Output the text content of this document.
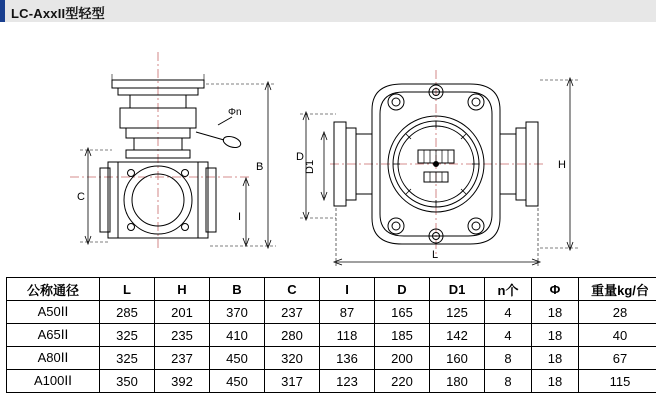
LC-AxxII型轻型
Φn
B
I
C
D
D1	H
L
公称通径	L	H	B	C	I	D	D1	n个	Φ	重量kg/台
A50ⅠⅠ	285	201	370	237	87	165	125	4	18	28
A65ⅠⅠ	325	235	410	280	118	185	142	4	18	40
A80ⅠⅠ	325	237	450	320	136	200	160	8	18	67
A100ⅠⅠ	350	392	450	317	123	220	180	8	18	115
